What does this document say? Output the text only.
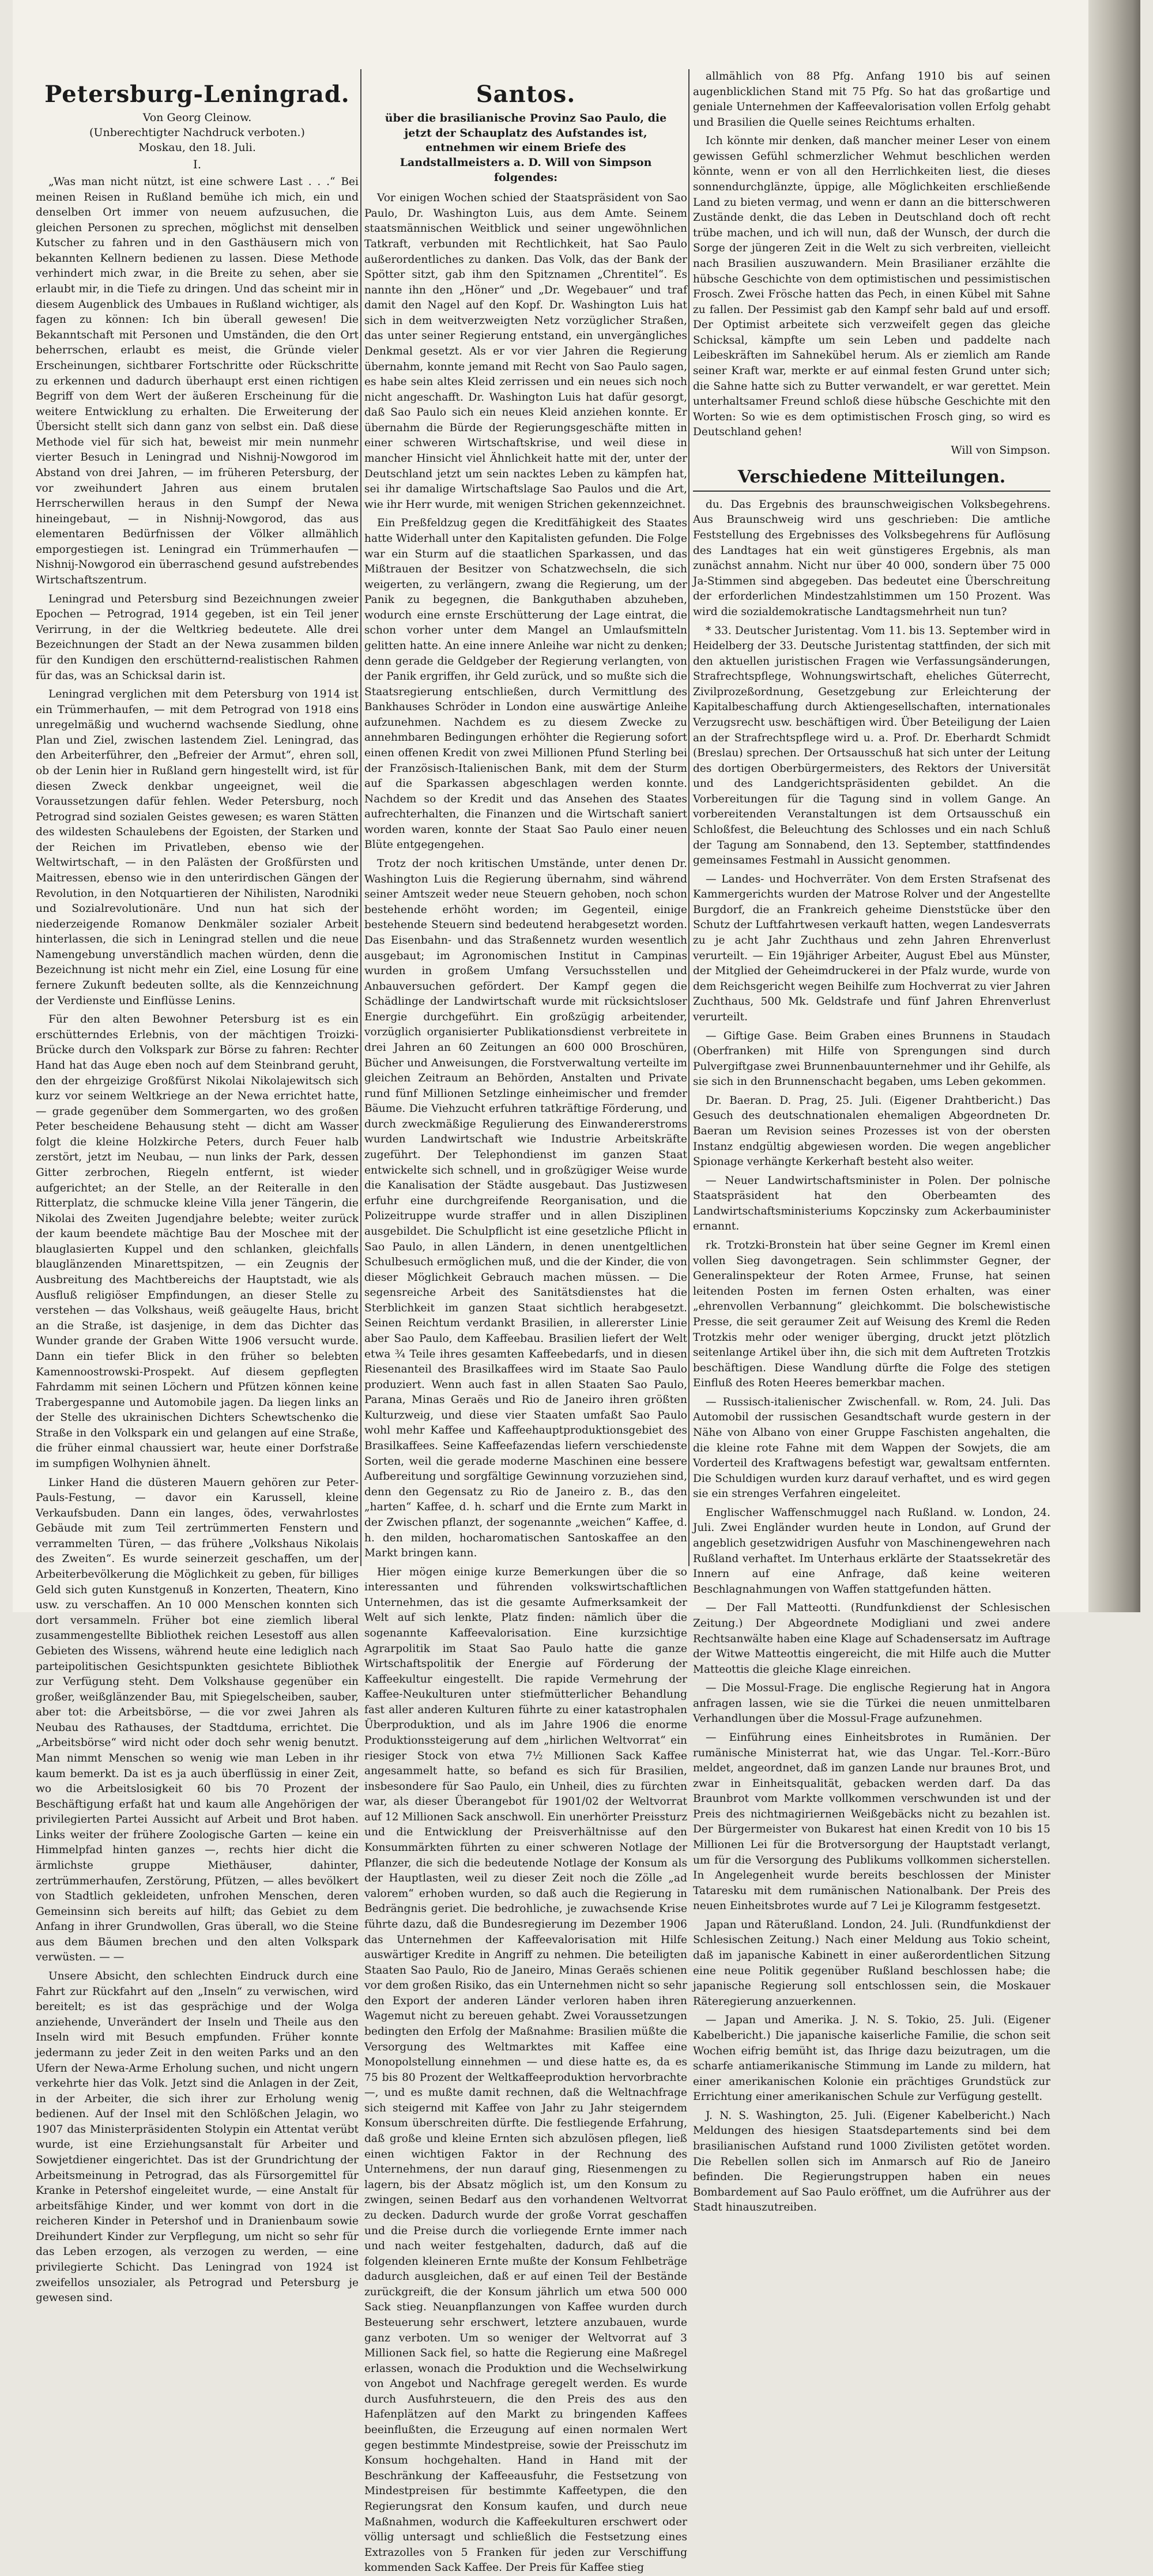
Petersburg-Leningrad.
Von Georg Cleinow.
(Unberechtigter Nachdruck verboten.)
Moskau, den 18. Juli.
I.

„Was man nicht nützt, ist eine schwere Last . . .“ Bei meinen Reisen in Rußland bemühe ich mich, ein und denselben Ort immer von neuem aufzusuchen, die gleichen Personen zu sprechen, möglichst mit denselben Kutscher zu fahren und in den Gasthäusern mich von bekannten Kellnern bedienen zu lassen. Diese Methode verhindert mich zwar, in die Breite zu sehen, aber sie erlaubt mir, in die Tiefe zu dringen. Und das scheint mir in diesem Augenblick des Umbaues in Rußland wichtiger, als fagen zu können: Ich bin überall gewesen! Die Bekanntschaft mit Personen und Umständen, die den Ort beherrschen, erlaubt es meist, die Gründe vieler Erscheinungen, sichtbarer Fortschritte oder Rückschritte zu erkennen und dadurch überhaupt erst einen richtigen Begriff von dem Wert der äußeren Erscheinung für die weitere Entwicklung zu erhalten. Die Erweiterung der Übersicht stellt sich dann ganz von selbst ein. Daß diese Methode viel für sich hat, beweist mir mein nunmehr vierter Besuch in Leningrad und Nishnij-Nowgorod im Abstand von drei Jahren, — im früheren Petersburg, der vor zweihundert Jahren aus einem brutalen Herrscherwillen heraus in den Sumpf der Newa hineingebaut, — in Nishnij-Nowgorod, das aus elementaren Bedürfnissen der Völker allmählich emporgestiegen ist. Leningrad ein Trümmerhaufen — Nishnij-Nowgorod ein überraschend gesund aufstrebendes Wirtschaftszentrum.

Leningrad und Petersburg sind Bezeichnungen zweier Epochen — Petrograd, 1914 gegeben, ist ein Teil jener Verirrung, in der die Weltkrieg bedeutete. Alle drei Bezeichnungen der Stadt an der Newa zusammen bilden für den Kundigen den erschütternd-realistischen Rahmen für das, was an Schicksal darin ist.

Leningrad verglichen mit dem Petersburg von 1914 ist ein Trümmerhaufen, — mit dem Petrograd von 1918 eins unregelmäßig und wuchernd wachsende Siedlung, ohne Plan und Ziel, zwischen lastendem Ziel. Leningrad, das den Arbeiterführer, den „Befreier der Armut“, ehren soll, ob der Lenin hier in Rußland gern hingestellt wird, ist für diesen Zweck denkbar ungeeignet, weil die Voraussetzungen dafür fehlen. Weder Petersburg, noch Petrograd sind sozialen Geistes gewesen; es waren Stätten des wildesten Schaulebens der Egoisten, der Starken und der Reichen im Privatleben, ebenso wie der Weltwirtschaft, — in den Palästen der Großfürsten und Maitressen, ebenso wie in den unterirdischen Gängen der Revolution, in den Notquartieren der Nihilisten, Narodniki und Sozialrevolutionäre. Und nun hat sich der niederzeigende Romanow Denkmäler sozialer Arbeit hinterlassen, die sich in Leningrad stellen und die neue Namengebung unverständlich machen würden, denn die Bezeichnung ist nicht mehr ein Ziel, eine Losung für eine fernere Zukunft bedeuten sollte, als die Kennzeichnung der Verdienste und Einflüsse Lenins.

Für den alten Bewohner Petersburg ist es ein erschütterndes Erlebnis, von der mächtigen Troizki-Brücke durch den Volkspark zur Börse zu fahren: Rechter Hand hat das Auge eben noch auf dem Steinbrand geruht, den der ehrgeizige Großfürst Nikolai Nikolajewitsch sich kurz vor seinem Weltkriege an der Newa errichtet hatte, — grade gegenüber dem Sommergarten, wo des großen Peter bescheidene Behausung steht — dicht am Wasser folgt die kleine Holzkirche Peters, durch Feuer halb zerstört, jetzt im Neubau, — nun links der Park, dessen Gitter zerbrochen, Riegeln entfernt, ist wieder aufgerichtet; an der Stelle, an der Reiteralle in den Ritterplatz, die schmucke kleine Villa jener Tängerin, die Nikolai des Zweiten Jugendjahre belebte; weiter zurück der kaum beendete mächtige Bau der Moschee mit der blauglasierten Kuppel und den schlanken, gleichfalls blauglänzenden Minarettspitzen, — ein Zeugnis der Ausbreitung des Machtbereichs der Hauptstadt, wie als Ausfluß religiöser Empfindungen, an dieser Stelle zu verstehen — das Volkshaus, weiß geäugelte Haus, bricht an die Straße, ist dasjenige, in dem das Dichter das Wunder grande der Graben Witte 1906 versucht wurde. Dann ein tiefer Blick in den früher so belebten Kamennoostrowski-Prospekt. Auf diesem gepflegten Fahrdamm mit seinen Löchern und Pfützen können keine Trabergespanne und Automobile jagen. Da liegen links an der Stelle des ukrainischen Dichters Schewtschenko die Straße in den Volkspark ein und gelangen auf eine Straße, die früher einmal chaussiert war, heute einer Dorfstraße im sumpfigen Wolhynien ähnelt.

Linker Hand die düsteren Mauern gehören zur Peter-Pauls-Festung, — davor ein Karussell, kleine Verkaufsbuden. Dann ein langes, ödes, verwahrlostes Gebäude mit zum Teil zertrümmerten Fenstern und verrammelten Türen, — das frühere „Volkshaus Nikolais des Zweiten“. Es wurde seinerzeit geschaffen, um der Arbeiterbevölkerung die Möglichkeit zu geben, für billiges Geld sich guten Kunstgenuß in Konzerten, Theatern, Kino usw. zu verschaffen. An 10 000 Menschen konnten sich dort versammeln. Früher bot eine ziemlich liberal zusammengestellte Bibliothek reichen Lesestoff aus allen Gebieten des Wissens, während heute eine lediglich nach parteipolitischen Gesichtspunkten gesichtete Bibliothek zur Verfügung steht. Dem Volkshause gegenüber ein großer, weißglänzender Bau, mit Spiegelscheiben, sauber, aber tot: die Arbeitsbörse, — die vor zwei Jahren als Neubau des Rathauses, der Stadtduma, errichtet. Die „Arbeitsbörse“ wird nicht oder doch sehr wenig benutzt. Man nimmt Menschen so wenig wie man Leben in ihr kaum bemerkt. Da ist es ja auch überflüssig in einer Zeit, wo die Arbeitslosigkeit 60 bis 70 Prozent der Beschäftigung erfaßt hat und kaum alle Angehörigen der privilegierten Partei Aussicht auf Arbeit und Brot haben. Links weiter der frühere Zoologische Garten — keine ein Himmelpfad hinten ganzes —, rechts hier dicht die ärmlichste gruppe Miethäuser, dahinter, zertrümmerhaufen, Zerstörung, Pfützen, — alles bevölkert von Stadtlich gekleideten, unfrohen Menschen, deren Gemeinsinn sich bereits auf hilft; das Gebiet zu dem Anfang in ihrer Grundwollen, Gras überall, wo die Steine aus dem Bäumen brechen und den alten Volkspark verwüsten. — —

Unsere Absicht, den schlechten Eindruck durch eine Fahrt zur Rückfahrt auf den „Inseln“ zu verwischen, wird bereitelt; es ist das gesprächige und der Wolga anziehende, Unverändert der Inseln und Theile aus den Inseln wird mit Besuch empfunden. Früher konnte jedermann zu jeder Zeit in den weiten Parks und an den Ufern der Newa-Arme Erholung suchen, und nicht ungern verkehrte hier das Volk. Jetzt sind die Anlagen in der Zeit, in der Arbeiter, die sich ihrer zur Erholung wenig bedienen. Auf der Insel mit den Schlößchen Jelagin, wo 1907 das Ministerpräsidenten Stolypin ein Attentat verübt wurde, ist eine Erziehungsanstalt für Arbeiter und Sowjetdiener eingerichtet. Das ist der Grundrichtung der Arbeitsmeinung in Petrograd, das als Fürsorgemittel für Kranke in Petershof eingeleitet wurde, — eine Anstalt für arbeitsfähige Kinder, und wer kommt von dort in die reicheren Kinder in Petershof und in Dranienbaum sowie Dreihundert Kinder zur Verpflegung, um nicht so sehr für das Leben erzogen, als verzogen zu werden, — eine privilegierte Schicht. Das Leningrad von 1924 ist zweifellos unsozialer, als Petrograd und Petersburg je gewesen sind.

Santos.
über die brasilianische Provinz Sao Paulo, die jetzt der Schauplatz des Aufstandes ist, entnehmen wir einem Briefe des Landstallmeisters a. D. Will von Simpson folgendes:

Vor einigen Wochen schied der Staatspräsident von Sao Paulo, Dr. Washington Luis, aus dem Amte. Seinem staatsmännischen Weitblick und seiner ungewöhnlichen Tatkraft, verbunden mit Rechtlichkeit, hat Sao Paulo außerordentliches zu danken. Das Volk, das der Bank der Spötter sitzt, gab ihm den Spitznamen „Chrentitel“. Es nannte ihn den „Höner“ und „Dr. Wegebauer“ und traf damit den Nagel auf den Kopf. Dr. Washington Luis hat sich in dem weitverzweigten Netz vorzüglicher Straßen, das unter seiner Regierung entstand, ein unvergängliches Denkmal gesetzt. Als er vor vier Jahren die Regierung übernahm, konnte jemand mit Recht von Sao Paulo sagen, es habe sein altes Kleid zerrissen und ein neues sich noch nicht angeschafft. Dr. Washington Luis hat dafür gesorgt, daß Sao Paulo sich ein neues Kleid anziehen konnte. Er übernahm die Bürde der Regierungsgeschäfte mitten in einer schweren Wirtschaftskrise, und weil diese in mancher Hinsicht viel Ähnlichkeit hatte mit der, unter der Deutschland jetzt um sein nacktes Leben zu kämpfen hat, sei ihr damalige Wirtschaftslage Sao Paulos und die Art, wie ihr Herr wurde, mit wenigen Strichen gekennzeichnet.

Ein Preßfeldzug gegen die Kreditfähigkeit des Staates hatte Widerhall unter den Kapitalisten gefunden. Die Folge war ein Sturm auf die staatlichen Sparkassen, und das Mißtrauen der Besitzer von Schatzwechseln, die sich weigerten, zu verlängern, zwang die Regierung, um der Panik zu begegnen, die Bankguthaben abzuheben, wodurch eine ernste Erschütterung der Lage eintrat, die schon vorher unter dem Mangel an Umlaufsmitteln gelitten hatte. An eine innere Anleihe war nicht zu denken; denn gerade die Geldgeber der Regierung verlangten, von der Panik ergriffen, ihr Geld zurück, und so mußte sich die Staatsregierung entschließen, durch Vermittlung des Bankhauses Schröder in London eine auswärtige Anleihe aufzunehmen. Nachdem es zu diesem Zwecke zu annehmbaren Bedingungen erhöhter die Regierung sofort einen offenen Kredit von zwei Millionen Pfund Sterling bei der Französisch-Italienischen Bank, mit dem der Sturm auf die Sparkassen abgeschlagen werden konnte. Nachdem so der Kredit und das Ansehen des Staates aufrechterhalten, die Finanzen und die Wirtschaft saniert worden waren, konnte der Staat Sao Paulo einer neuen Blüte entgegengehen.

Trotz der noch kritischen Umstände, unter denen Dr. Washington Luis die Regierung übernahm, sind während seiner Amtszeit weder neue Steuern gehoben, noch schon bestehende erhöht worden; im Gegenteil, einige bestehende Steuern sind bedeutend herabgesetzt worden. Das Eisenbahn- und das Straßennetz wurden wesentlich ausgebaut; im Agronomischen Institut in Campinas wurden in großem Umfang Versuchsstellen und Anbauversuchen gefördert. Der Kampf gegen die Schädlinge der Landwirtschaft wurde mit rücksichtsloser Energie durchgeführt. Ein großzügig arbeitender, vorzüglich organisierter Publikationsdienst verbreitete in drei Jahren an 60 Zeitungen an 600 000 Broschüren, Bücher und Anweisungen, die Forstverwaltung verteilte im gleichen Zeitraum an Behörden, Anstalten und Private rund fünf Millionen Setzlinge einheimischer und fremder Bäume. Die Viehzucht erfuhren tatkräftige Förderung, und durch zweckmäßige Regulierung des Einwandererstroms wurden Landwirtschaft wie Industrie Arbeitskräfte zugeführt. Der Telephondienst im ganzen Staat entwickelte sich schnell, und in großzügiger Weise wurde die Kanalisation der Städte ausgebaut. Das Justizwesen erfuhr eine durchgreifende Reorganisation, und die Polizeitruppe wurde straffer und in allen Disziplinen ausgebildet. Die Schulpflicht ist eine gesetzliche Pflicht in Sao Paulo, in allen Ländern, in denen unentgeltlichen Schulbesuch ermöglichen muß, und die der Kinder, die von dieser Möglichkeit Gebrauch machen müssen. — Die segensreiche Arbeit des Sanitätsdienstes hat die Sterblichkeit im ganzen Staat sichtlich herabgesetzt. Seinen Reichtum verdankt Brasilien, in allererster Linie aber Sao Paulo, dem Kaffeebau. Brasilien liefert der Welt etwa ¾ Teile ihres gesamten Kaffeebedarfs, und in diesen Riesenanteil des Brasilkaffees wird im Staate Sao Paulo produziert. Wenn auch fast in allen Staaten Sao Paulo, Parana, Minas Geraës und Rio de Janeiro ihren größten Kulturzweig, und diese vier Staaten umfaßt Sao Paulo wohl mehr Kaffee und Kaffeehauptproduktionsgebiet des Brasilkaffees. Seine Kaffeefazendas liefern verschiedenste Sorten, weil die gerade moderne Maschinen eine bessere Aufbereitung und sorgfältige Gewinnung vorzuziehen sind, denn den Gegensatz zu Rio de Janeiro z. B., das den „harten“ Kaffee, d. h. scharf und die Ernte zum Markt in der Zwischen pflanzt, der sogenannte „weichen“ Kaffee, d. h. den milden, hocharomatischen Santoskaffee an den Markt bringen kann.

Hier mögen einige kurze Bemerkungen über die so interessanten und führenden volkswirtschaftlichen Unternehmen, das ist die gesamte Aufmerksamkeit der Welt auf sich lenkte, Platz finden: nämlich über die sogenannte Kaffeevalorisation. Eine kurzsichtige Agrarpolitik im Staat Sao Paulo hatte die ganze Wirtschaftspolitik der Energie auf Förderung der Kaffeekultur eingestellt. Die rapide Vermehrung der Kaffee-Neukulturen unter stiefmütterlicher Behandlung fast aller anderen Kulturen führte zu einer katastrophalen Überproduktion, und als im Jahre 1906 die enorme Produktionssteigerung auf dem „hirlichen Weltvorrat“ ein riesiger Stock von etwa 7½ Millionen Sack Kaffee angesammelt hatte, so befand es sich für Brasilien, insbesondere für Sao Paulo, ein Unheil, dies zu fürchten war, als dieser Überangebot für 1901/02 der Weltvorrat auf 12 Millionen Sack anschwoll. Ein unerhörter Preissturz und die Entwicklung der Preisverhältnisse auf den Konsummärkten führten zu einer schweren Notlage der Pflanzer, die sich die bedeutende Notlage der Konsum als der Hauptlasten, weil zu dieser Zeit noch die Zölle „ad valorem“ erhoben wurden, so daß auch die Regierung in Bedrängnis geriet. Die bedrohliche, je zuwachsende Krise führte dazu, daß die Bundesregierung im Dezember 1906 das Unternehmen der Kaffeevalorisation mit Hilfe auswärtiger Kredite in Angriff zu nehmen. Die beteiligten Staaten Sao Paulo, Rio de Janeiro, Minas Geraës schienen vor dem großen Risiko, das ein Unternehmen nicht so sehr den Export der anderen Länder verloren haben ihren Wagemut nicht zu bereuen gehabt. Zwei Voraussetzungen bedingten den Erfolg der Maßnahme: Brasilien müßte die Versorgung des Weltmarktes mit Kaffee eine Monopolstellung einnehmen — und diese hatte es, da es 75 bis 80 Prozent der Weltkaffeeproduktion hervorbrachte —, und es mußte damit rechnen, daß die Weltnachfrage sich steigernd mit Kaffee von Jahr zu Jahr steigerndem Konsum überschreiten dürfte. Die festliegende Erfahrung, daß große und kleine Ernten sich abzulösen pflegen, ließ einen wichtigen Faktor in der Rechnung des Unternehmens, der nun darauf ging, Riesenmengen zu lagern, bis der Absatz möglich ist, um den Konsum zu zwingen, seinen Bedarf aus den vorhandenen Weltvorrat zu decken. Dadurch wurde der große Vorrat geschaffen und die Preise durch die vorliegende Ernte immer nach und nach weiter festgehalten, dadurch, daß auf die folgenden kleineren Ernte mußte der Konsum Fehlbeträge dadurch ausgleichen, daß er auf einen Teil der Bestände zurückgreift, die der Konsum jährlich um etwa 500 000 Sack stieg. Neuanpflanzungen von Kaffee wurden durch Besteuerung sehr erschwert, letztere anzubauen, wurde ganz verboten. Um so weniger der Weltvorrat auf 3 Millionen Sack fiel, so hatte die Regierung eine Maßregel erlassen, wonach die Produktion und die Wechselwirkung von Angebot und Nachfrage geregelt werden. Es wurde durch Ausfuhrsteuern, die den Preis des aus den Hafenplätzen auf den Markt zu bringenden Kaffees beeinflußten, die Erzeugung auf einen normalen Wert gegen bestimmte Mindestpreise, sowie der Preisschutz im Konsum hochgehalten. Hand in Hand mit der Beschränkung der Kaffeeausfuhr, die Festsetzung von Mindestpreisen für bestimmte Kaffeetypen, die den Regierungsrat den Konsum kaufen, und durch neue Maßnahmen, wodurch die Kaffeekulturen erschwert oder völlig untersagt und schließlich die Festsetzung eines Extrazolles von 5 Franken für jeden zur Verschiffung kommenden Sack Kaffee. Der Preis für Kaffee stieg

allmählich von 88 Pfg. Anfang 1910 bis auf seinen augenblicklichen Stand mit 75 Pfg. So hat das großartige und geniale Unternehmen der Kaffeevalorisation vollen Erfolg gehabt und Brasilien die Quelle seines Reichtums erhalten.

Ich könnte mir denken, daß mancher meiner Leser von einem gewissen Gefühl schmerzlicher Wehmut beschlichen werden könnte, wenn er von all den Herrlichkeiten liest, die dieses sonnendurchglänzte, üppige, alle Möglichkeiten erschließende Land zu bieten vermag, und wenn er dann an die bitterschweren Zustände denkt, die das Leben in Deutschland doch oft recht trübe machen, und ich will nun, daß der Wunsch, der durch die Sorge der jüngeren Zeit in die Welt zu sich verbreiten, vielleicht nach Brasilien auszuwandern. Mein Brasilianer erzählte die hübsche Geschichte von dem optimistischen und pessimistischen Frosch. Zwei Frösche hatten das Pech, in einen Kübel mit Sahne zu fallen. Der Pessimist gab den Kampf sehr bald auf und ersoff. Der Optimist arbeitete sich verzweifelt gegen das gleiche Schicksal, kämpfte um sein Leben und paddelte nach Leibeskräften im Sahnekübel herum. Als er ziemlich am Rande seiner Kraft war, merkte er auf einmal festen Grund unter sich; die Sahne hatte sich zu Butter verwandelt, er war gerettet. Mein unterhaltsamer Freund schloß diese hübsche Geschichte mit den Worten: So wie es dem optimistischen Frosch ging, so wird es Deutschland gehen!

Will von Simpson.
Verschiedene Mitteilungen.

du. Das Ergebnis des braunschweigischen Volksbegehrens. Aus Braunschweig wird uns geschrieben: Die amtliche Feststellung des Ergebnisses des Volksbegehrens für Auflösung des Landtages hat ein weit günstigeres Ergebnis, als man zunächst annahm. Nicht nur über 40 000, sondern über 75 000 Ja-Stimmen sind abgegeben. Das bedeutet eine Überschreitung der erforderlichen Mindestzahlstimmen um 150 Prozent. Was wird die sozialdemokratische Landtagsmehrheit nun tun?

* 33. Deutscher Juristentag. Vom 11. bis 13. September wird in Heidelberg der 33. Deutsche Juristentag stattfinden, der sich mit den aktuellen juristischen Fragen wie Verfassungsänderungen, Strafrechtspflege, Wohnungswirtschaft, eheliches Güterrecht, Zivilprozeßordnung, Gesetzgebung zur Erleichterung der Kapitalbeschaffung durch Aktiengesellschaften, internationales Verzugsrecht usw. beschäftigen wird. Über Beteiligung der Laien an der Strafrechtspflege wird u. a. Prof. Dr. Eberhardt Schmidt (Breslau) sprechen. Der Ortsausschuß hat sich unter der Leitung des dortigen Oberbürgermeisters, des Rektors der Universität und des Landgerichtspräsidenten gebildet. An die Vorbereitungen für die Tagung sind in vollem Gange. An vorbereitenden Veranstaltungen ist dem Ortsausschuß ein Schloßfest, die Beleuchtung des Schlosses und ein nach Schluß der Tagung am Sonnabend, den 13. September, stattfindendes gemeinsames Festmahl in Aussicht genommen.

— Landes- und Hochverräter. Von dem Ersten Strafsenat des Kammergerichts wurden der Matrose Rolver und der Angestellte Burgdorf, die an Frankreich geheime Dienststücke über den Schutz der Luftfahrtwesen verkauft hatten, wegen Landesverrats zu je acht Jahr Zuchthaus und zehn Jahren Ehrenverlust verurteilt. — Ein 19jähriger Arbeiter, August Ebel aus Münster, der Mitglied der Geheimdruckerei in der Pfalz wurde, wurde von dem Reichsgericht wegen Beihilfe zum Hochverrat zu vier Jahren Zuchthaus, 500 Mk. Geldstrafe und fünf Jahren Ehrenverlust verurteilt.

— Giftige Gase. Beim Graben eines Brunnens in Staudach (Oberfranken) mit Hilfe von Sprengungen sind durch Pulvergiftgase zwei Brunnenbauunternehmer und ihr Gehilfe, als sie sich in den Brunnenschacht begaben, ums Leben gekommen.

Dr. Baeran. D. Prag, 25. Juli. (Eigener Drahtbericht.) Das Gesuch des deutschnationalen ehemaligen Abgeordneten Dr. Baeran um Revision seines Prozesses ist von der obersten Instanz endgültig abgewiesen worden. Die wegen angeblicher Spionage verhängte Kerkerhaft besteht also weiter.

— Neuer Landwirtschaftsminister in Polen. Der polnische Staatspräsident hat den Oberbeamten des Landwirtschaftsministeriums Kopczinsky zum Ackerbauminister ernannt.

rk. Trotzki-Bronstein hat über seine Gegner im Kreml einen vollen Sieg davongetragen. Sein schlimmster Gegner, der Generalinspekteur der Roten Armee, Frunse, hat seinen leitenden Posten im fernen Osten erhalten, was einer „ehrenvollen Verbannung“ gleichkommt. Die bolschewistische Presse, die seit geraumer Zeit auf Weisung des Kreml die Reden Trotzkis mehr oder weniger überging, druckt jetzt plötzlich seitenlange Artikel über ihn, die sich mit dem Auftreten Trotzkis beschäftigen. Diese Wandlung dürfte die Folge des stetigen Einfluß des Roten Heeres bemerkbar machen.

— Russisch-italienischer Zwischenfall. w. Rom, 24. Juli. Das Automobil der russischen Gesandtschaft wurde gestern in der Nähe von Albano von einer Gruppe Faschisten angehalten, die die kleine rote Fahne mit dem Wappen der Sowjets, die am Vorderteil des Kraftwagens befestigt war, gewaltsam entfernten. Die Schuldigen wurden kurz darauf verhaftet, und es wird gegen sie ein strenges Verfahren eingeleitet.

Englischer Waffenschmuggel nach Rußland. w. London, 24. Juli. Zwei Engländer wurden heute in London, auf Grund der angeblich gesetzwidrigen Ausfuhr von Maschinengewehren nach Rußland verhaftet. Im Unterhaus erklärte der Staatssekretär des Innern auf eine Anfrage, daß keine weiteren Beschlagnahmungen von Waffen stattgefunden hätten.

— Der Fall Matteotti. (Rundfunkdienst der Schlesischen Zeitung.) Der Abgeordnete Modigliani und zwei andere Rechtsanwälte haben eine Klage auf Schadensersatz im Auftrage der Witwe Matteottis eingereicht, die mit Hilfe auch die Mutter Matteottis die gleiche Klage einreichen.

— Die Mossul-Frage. Die englische Regierung hat in Angora anfragen lassen, wie sie die Türkei die neuen unmittelbaren Verhandlungen über die Mossul-Frage aufzunehmen.

— Einführung eines Einheitsbrotes in Rumänien. Der rumänische Ministerrat hat, wie das Ungar. Tel.-Korr.-Büro meldet, angeordnet, daß im ganzen Lande nur braunes Brot, und zwar in Einheitsqualität, gebacken werden darf. Da das Braunbrot vom Markte vollkommen verschwunden ist und der Preis des nichtmagiriernen Weißgebäcks nicht zu bezahlen ist. Der Bürgermeister von Bukarest hat einen Kredit von 10 bis 15 Millionen Lei für die Brotversorgung der Hauptstadt verlangt, um für die Versorgung des Publikums vollkommen sicherstellen. In Angelegenheit wurde bereits beschlossen der Minister Tataresku mit dem rumänischen Nationalbank. Der Preis des neuen Einheitsbrotes wurde auf 7 Lei je Kilogramm festgesetzt.

Japan und Räterußland. London, 24. Juli. (Rundfunkdienst der Schlesischen Zeitung.) Nach einer Meldung aus Tokio scheint, daß im japanische Kabinett in einer außerordentlichen Sitzung eine neue Politik gegenüber Rußland beschlossen habe; die japanische Regierung soll entschlossen sein, die Moskauer Räteregierung anzuerkennen.

— Japan und Amerika. J. N. S. Tokio, 25. Juli. (Eigener Kabelbericht.) Die japanische kaiserliche Familie, die schon seit Wochen eifrig bemüht ist, das Ihrige dazu beizutragen, um die scharfe antiamerikanische Stimmung im Lande zu mildern, hat einer amerikanischen Kolonie ein prächtiges Grundstück zur Errichtung einer amerikanischen Schule zur Verfügung gestellt.

J. N. S. Washington, 25. Juli. (Eigener Kabelbericht.) Nach Meldungen des hiesigen Staatsdepartements sind bei dem brasilianischen Aufstand rund 1000 Zivilisten getötet worden. Die Rebellen sollen sich im Anmarsch auf Rio de Janeiro befinden. Die Regierungstruppen haben ein neues Bombardement auf Sao Paulo eröffnet, um die Aufrührer aus der Stadt hinauszutreiben.
